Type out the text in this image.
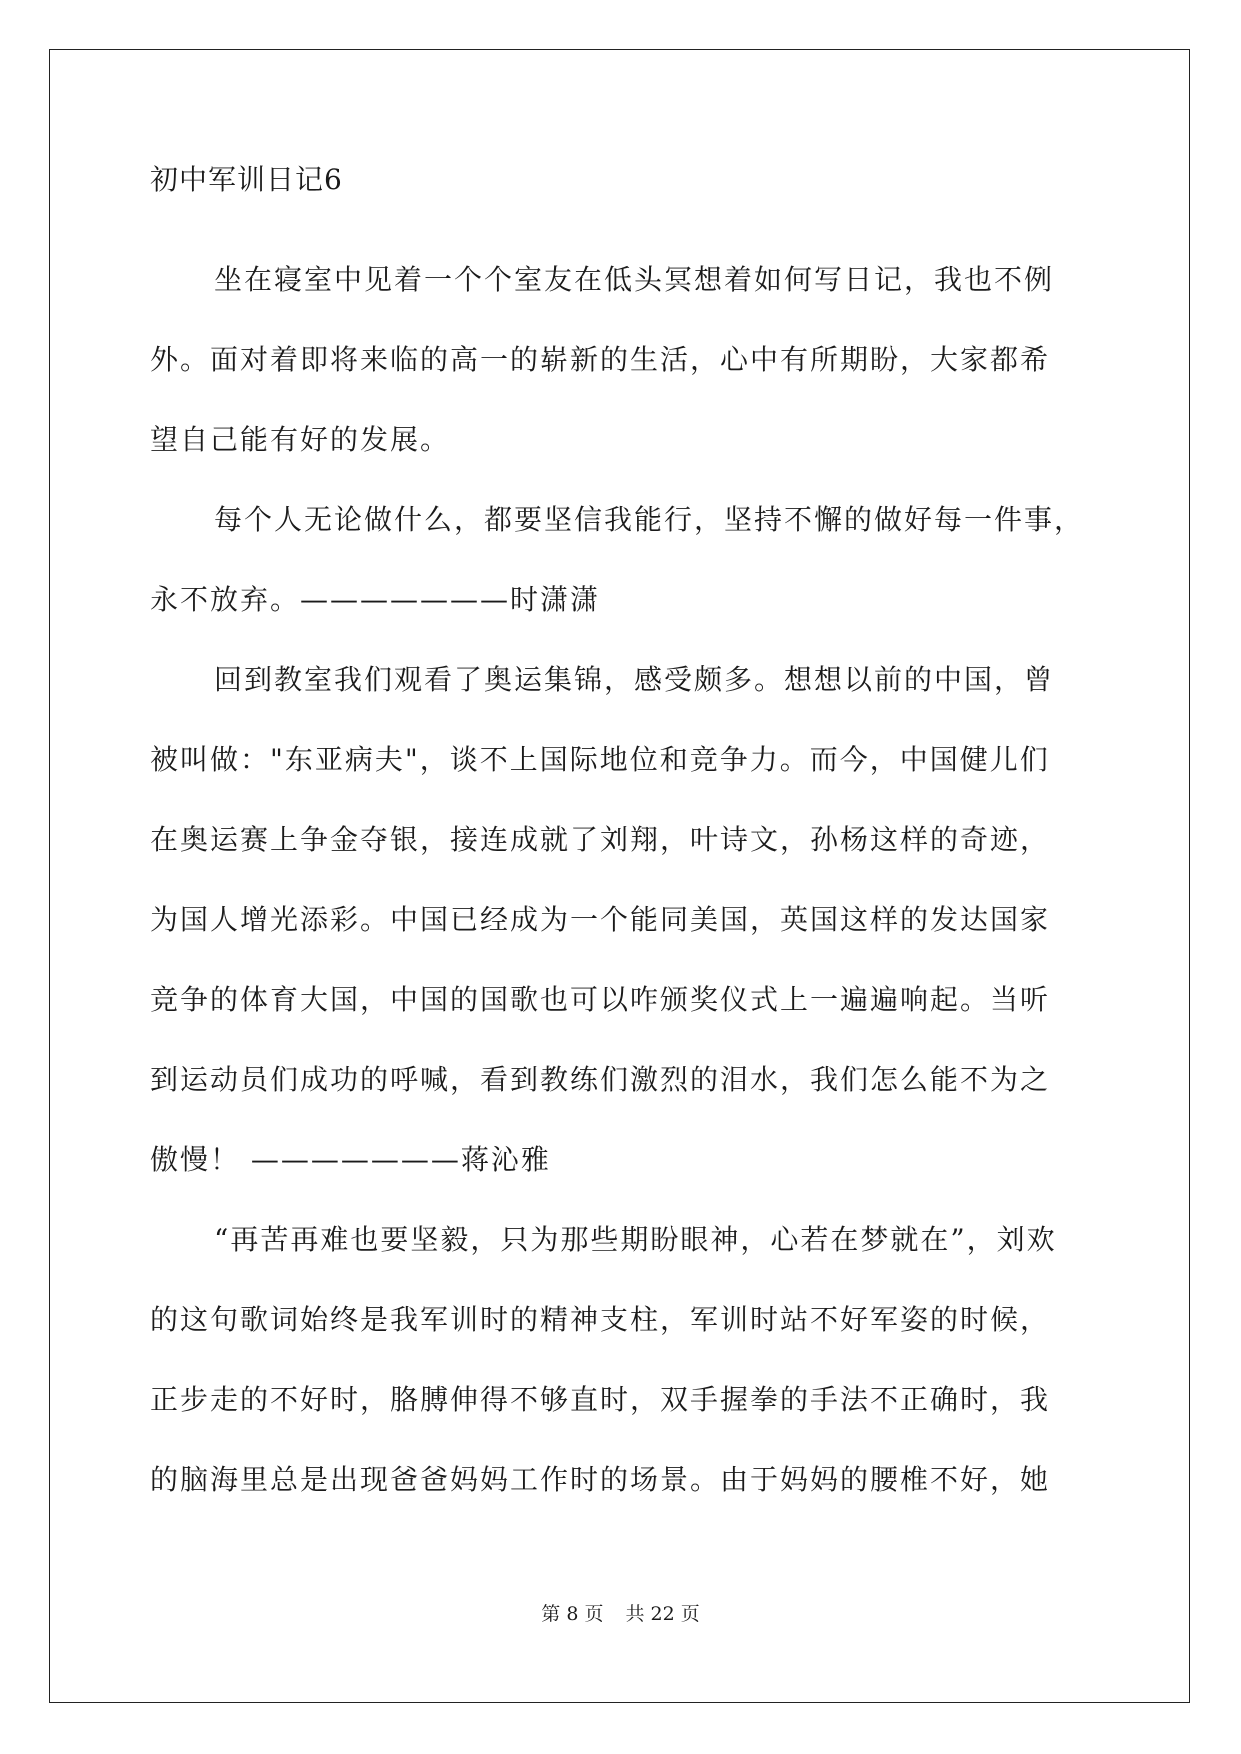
初中军训日记6
坐在寝室中见着一个个室友在低头冥想着如何写日记，我也不例
外。面对着即将来临的高一的崭新的生活，心中有所期盼，大家都希
望自己能有好的发展。
每个人无论做什么，都要坚信我能行，坚持不懈的做好每一件事，
永不放弃。———————时潇潇
回到教室我们观看了奥运集锦，感受颇多。想想以前的中国，曾
被叫做："东亚病夫"，谈不上国际地位和竞争力。而今，中国健儿们
在奥运赛上争金夺银，接连成就了刘翔，叶诗文，孙杨这样的奇迹，
为国人增光添彩。中国已经成为一个能同美国，英国这样的发达国家
竞争的体育大国，中国的国歌也可以咋颁奖仪式上一遍遍响起。当听
到运动员们成功的呼喊，看到教练们激烈的泪水，我们怎么能不为之
傲慢！ ———————蒋沁雅
“再苦再难也要坚毅，只为那些期盼眼神，心若在梦就在”，刘欢
的这句歌词始终是我军训时的精神支柱，军训时站不好军姿的时候，
正步走的不好时，胳膊伸得不够直时，双手握拳的手法不正确时，我
的脑海里总是出现爸爸妈妈工作时的场景。由于妈妈的腰椎不好，她
第 8 页 共 22 页
